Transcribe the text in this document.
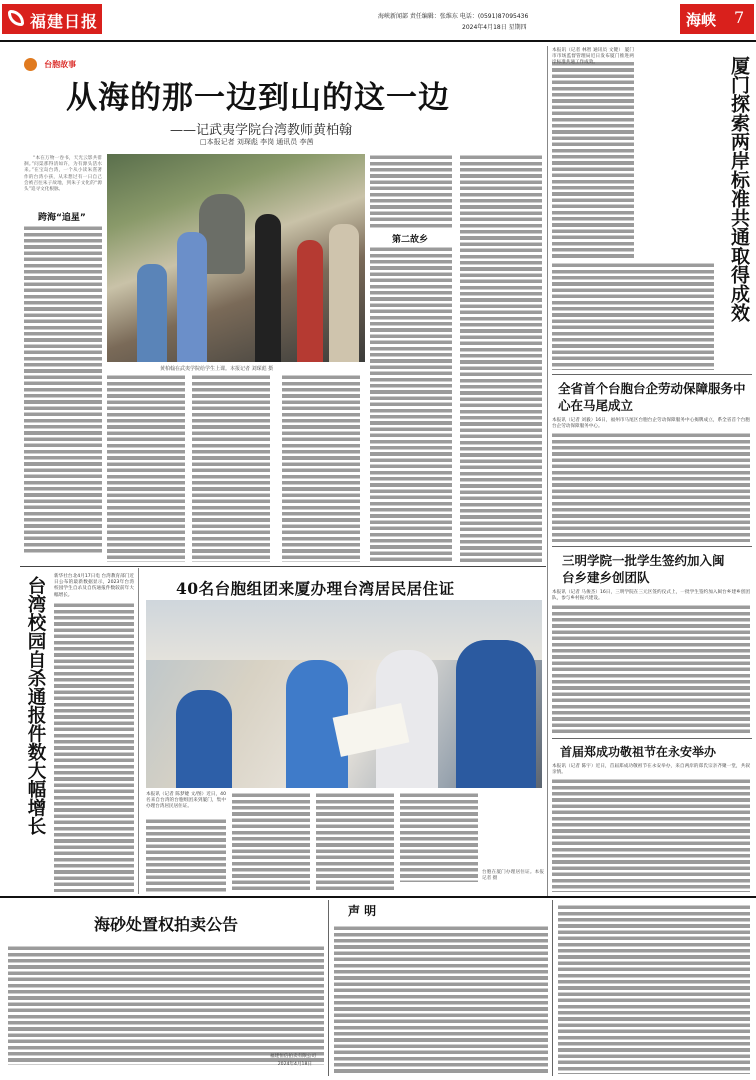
福建日报	海峡新闻部 责任编辑：张维东 电话：(0591)87095436
2024年4月18日 星期四	海峡 7
台胞故事
从海的那一边到山的这一边
——记武夷学院台湾教师黄柏翰
□本报记者 刘琛彪 李岗 通讯员 李茜

“本在万物一卷书，天光云影共徘徊。”问渠那得清如许，为有源头活水来。”在宝岛台湾，一个从小读朱熹著作的台湾小孩，从未想过有一日自己会被召往朱子故地，到朱子文化的“源头”追寻文化根脉。

跨海“追星”
黄柏翰在武夷学院给学生上课。本报记者 刘琛彪 摄
第二故乡
本报讯（记者 林智 通讯员 文键） 厦门市市场监督管理局近日发布厦门推进两岸标准共通工作成效。	厦门探索两岸标准共通取得成效
全省首个台胞台企劳动保障服务中心在马尾成立
本报讯（记者 刘毅）16日，福州市马尾区台胞台企劳动保障服务中心揭牌成立，系全省首个台胞台企劳动保障服务中心。
三明学院一批学生签约加入闽台乡建乡创团队
本报讯（记者 马俊杰）16日，三明学院在三元区签约仪式上，一批学生签约加入闽台乡建乡创团队，参与乡村振兴建设。
首届郑成功敬祖节在永安举办
本报讯（记者 陈宇）近日，首届郑成功敬祖节在永安举办，来自两岸的郑氏宗亲齐聚一堂，共叙亲情。
台湾校园自杀通报件数大幅增长 新华社台北4月17日电 台湾教育部门近日公布的最新数据显示，2023年台湾校园学生自杀及自伤通报件数较前年大幅增长。	40名台胞组团来厦办理台湾居民居住证
本报讯（记者 陈梦婕 文/图）近日，40名来自台湾的台胞组团来到厦门，集中办理台湾居民居住证。
台胞在厦门办理居住证。本报记者 摄
海砂处置权拍卖公告
福建恒信拍卖有限公司
2024年4月18日
声 明
